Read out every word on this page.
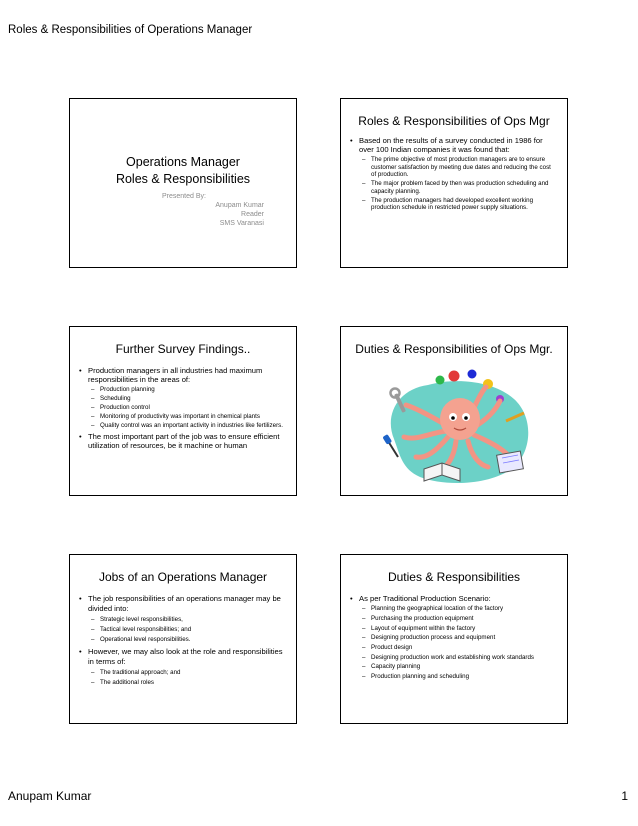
Roles & Responsibilities of Operations Manager
Operations Manager
Roles & Responsibilities
Presented By:
Anupam Kumar
Reader
SMS Varanasi
Roles & Responsibilities of Ops Mgr
• Based on the results of a survey conducted in 1986 for over 100 Indian companies it was found that:
– The prime objective of most production managers are to ensure customer satisfaction by meeting due dates and reducing the cost of production.
– The major problem faced by then was production scheduling and capacity planning.
– The production managers had developed excellent working production schedule in restricted power supply situations.
Further Survey Findings..
• Production managers in all industries had maximum responsibilities in the areas of:
– Production planning
– Scheduling
– Production control
– Monitoring of productivity was important in chemical plants
– Quality control was an important activity in industries like fertilizers.
• The most important part of the job was to ensure efficient utilization of resources, be it machine or human
Duties & Responsibilities of Ops Mgr.
Jobs of an Operations Manager
• The job responsibilities of an operations manager may be divided into:
– Strategic level responsibilities,
– Tactical level responsibilities; and
– Operational level responsibilities.
• However, we may also look at the role and responsibilities in terms of:
– The traditional approach; and
– The additional roles
Duties & Responsibilities
• As per Traditional Production Scenario:
– Planning the geographical location of the factory
– Purchasing the production equipment
– Layout of equipment within the factory
– Designing production process and equipment
– Product design
– Designing production work and establishing work standards
– Capacity planning
– Production planning and scheduling
Anupam Kumar	1
